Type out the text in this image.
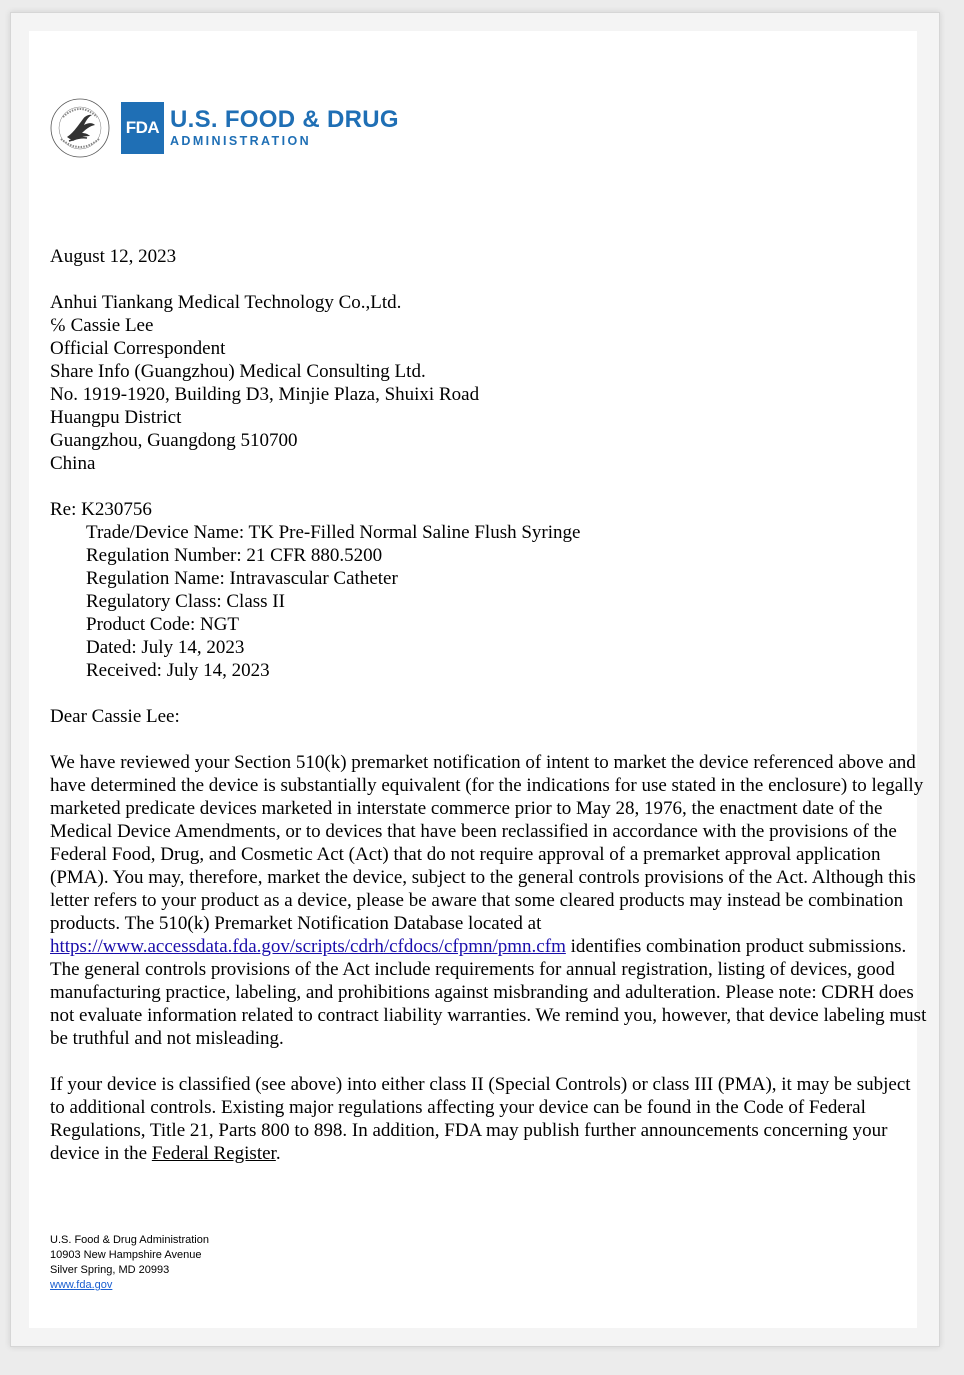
FDA U.S. FOOD & DRUG
ADMINISTRATION

August 12, 2023

Anhui Tiankang Medical Technology Co.,Ltd.

℅ Cassie Lee

Official Correspondent

Share Info (Guangzhou) Medical Consulting Ltd.

No. 1919-1920, Building D3, Minjie Plaza, Shuixi Road

Huangpu District

Guangzhou, Guangdong 510700

China

Re: K230756

Trade/Device Name: TK Pre-Filled Normal Saline Flush Syringe

Regulation Number: 21 CFR 880.5200

Regulation Name: Intravascular Catheter

Regulatory Class: Class II

Product Code: NGT

Dated: July 14, 2023

Received: July 14, 2023

Dear Cassie Lee:

We have reviewed your Section 510(k) premarket notification of intent to market the device referenced above and have determined the device is substantially equivalent (for the indications for use stated in the enclosure) to legally marketed predicate devices marketed in interstate commerce prior to May 28, 1976, the enactment date of the Medical Device Amendments, or to devices that have been reclassified in accordance with the provisions of the Federal Food, Drug, and Cosmetic Act (Act) that do not require approval of a premarket approval application (PMA). You may, therefore, market the device, subject to the general controls provisions of the Act. Although this letter refers to your product as a device, please be aware that some cleared products may instead be combination products. The 510(k) Premarket Notification Database located at https://www.accessdata.fda.gov/scripts/cdrh/cfdocs/cfpmn/pmn.cfm identifies combination product submissions. The general controls provisions of the Act include requirements for annual registration, listing of devices, good manufacturing practice, labeling, and prohibitions against misbranding and adulteration. Please note: CDRH does not evaluate information related to contract liability warranties. We remind you, however, that device labeling must be truthful and not misleading.

If your device is classified (see above) into either class II (Special Controls) or class III (PMA), it may be subject to additional controls. Existing major regulations affecting your device can be found in the Code of Federal Regulations, Title 21, Parts 800 to 898. In addition, FDA may publish further announcements concerning your device in the Federal Register.

U.S. Food & Drug Administration
10903 New Hampshire Avenue
Silver Spring, MD 20993
www.fda.gov
